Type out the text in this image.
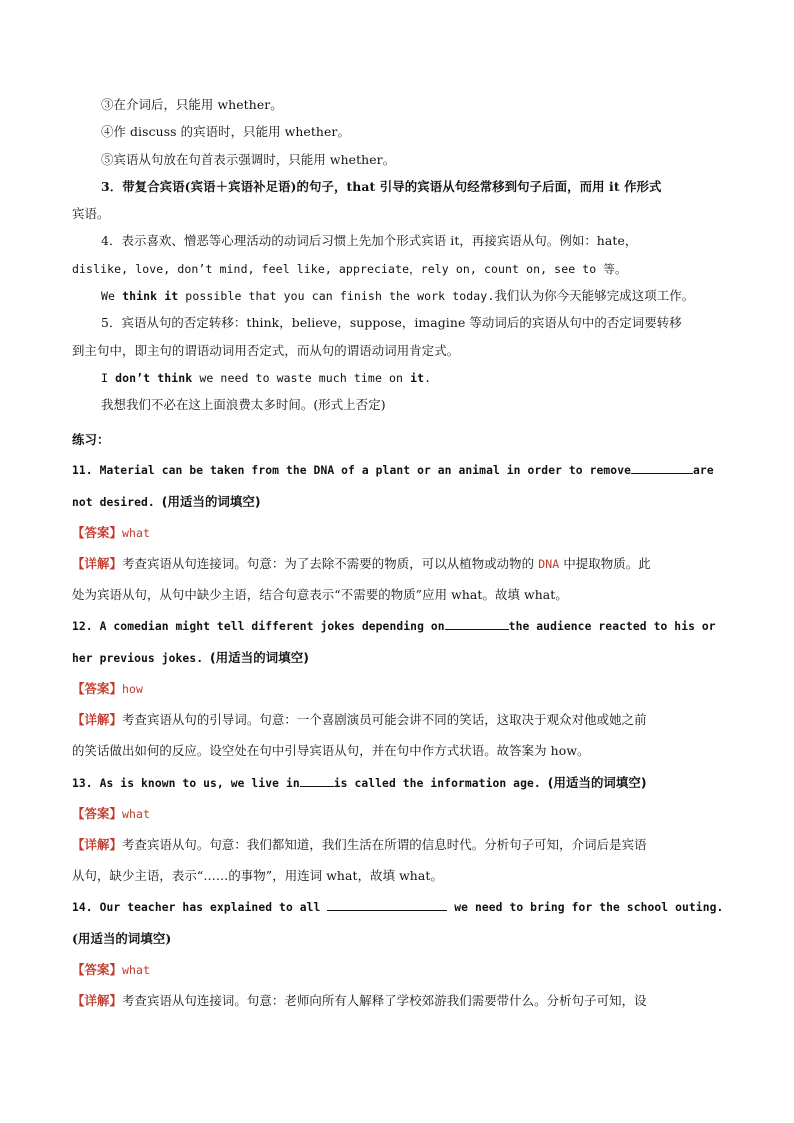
③在介词后，只能用 whether。
④作 discuss 的宾语时，只能用 whether。
⑤宾语从句放在句首表示强调时，只能用 whether。
3．带复合宾语(宾语＋宾语补足语)的句子，that 引导的宾语从句经常移到句子后面，而用 it 作形式
宾语。
4．表示喜欢、憎恶等心理活动的动词后习惯上先加个形式宾语 it，再接宾语从句。例如：hate，
dislike, love, don’t mind, feel like, appreciate，rely on, count on, see to 等。
We think it possible that you can finish the work today.我们认为你今天能够完成这项工作。
5．宾语从句的否定转移：think，believe，suppose，imagine 等动词后的宾语从句中的否定词要转移
到主句中，即主句的谓语动词用否定式，而从句的谓语动词用肯定式。
I don’t think we need to waste much time on it.
我想我们不必在这上面浪费太多时间。(形式上否定)
练习：
11. Material can be taken from the DNA of a plant or an animal in order to remove	are
not desired. (用适当的词填空)
【答案】what
【详解】考查宾语从句连接词。句意：为了去除不需要的物质，可以从植物或动物的 DNA 中提取物质。此
处为宾语从句，从句中缺少主语，结合句意表示“不需要的物质”应用 what。故填 what。
12. A comedian might tell different jokes depending on	the audience reacted to his or
her previous jokes. (用适当的词填空)
【答案】how
【详解】考查宾语从句的引导词。句意：一个喜剧演员可能会讲不同的笑话，这取决于观众对他或她之前
的笑话做出如何的反应。设空处在句中引导宾语从句，并在句中作方式状语。故答案为 how。
13. As is known to us, we live in	is called the information age. (用适当的词填空)
【答案】what
【详解】考查宾语从句。句意：我们都知道，我们生活在所谓的信息时代。分析句子可知，介词后是宾语
从句，缺少主语，表示“……的事物”，用连词 what，故填 what。
14. Our teacher has explained to all	we need to bring for the school outing.
(用适当的词填空)
【答案】what
【详解】考查宾语从句连接词。句意：老师向所有人解释了学校郊游我们需要带什么。分析句子可知，设
